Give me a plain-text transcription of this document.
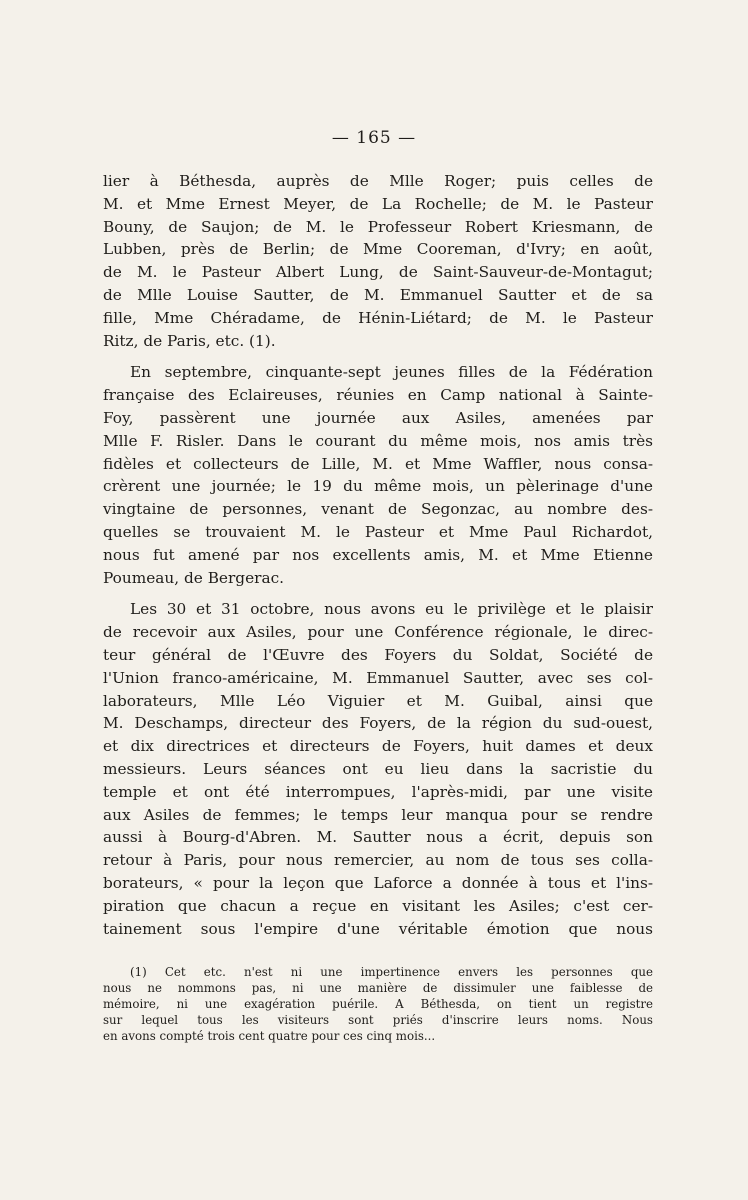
— 165 —

lier à Béthesda, auprès de Mlle Roger; puis celles de

M. et Mme Ernest Meyer, de La Rochelle; de M. le Pasteur

Bouny, de Saujon; de M. le Professeur Robert Kriesmann, de

Lubben, près de Berlin; de Mme Cooreman, d'Ivry; en août,

de M. le Pasteur Albert Lung, de Saint-Sauveur-de-Montagut;

de Mlle Louise Sautter, de M. Emmanuel Sautter et de sa

fille, Mme Chéradame, de Hénin-Liétard; de M. le Pasteur

Ritz, de Paris, etc. (1).

En septembre, cinquante-sept jeunes filles de la Fédération

française des Eclaireuses, réunies en Camp national à Sainte-

Foy, passèrent une journée aux Asiles, amenées par

Mlle F. Risler. Dans le courant du même mois, nos amis très

fidèles et collecteurs de Lille, M. et Mme Waffler, nous consa-

crèrent une journée; le 19 du même mois, un pèlerinage d'une

vingtaine de personnes, venant de Segonzac, au nombre des-

quelles se trouvaient M. le Pasteur et Mme Paul Richardot,

nous fut amené par nos excellents amis, M. et Mme Etienne

Poumeau, de Bergerac.

Les 30 et 31 octobre, nous avons eu le privilège et le plaisir

de recevoir aux Asiles, pour une Conférence régionale, le direc-

teur général de l'Œuvre des Foyers du Soldat, Société de

l'Union franco-américaine, M. Emmanuel Sautter, avec ses col-

laborateurs, Mlle Léo Viguier et M. Guibal, ainsi que

M. Deschamps, directeur des Foyers, de la région du sud-ouest,

et dix directrices et directeurs de Foyers, huit dames et deux

messieurs. Leurs séances ont eu lieu dans la sacristie du

temple et ont été interrompues, l'après-midi, par une visite

aux Asiles de femmes; le temps leur manqua pour se rendre

aussi à Bourg-d'Abren. M. Sautter nous a écrit, depuis son

retour à Paris, pour nous remercier, au nom de tous ses colla-

borateurs, « pour la leçon que Laforce a donnée à tous et l'ins-

piration que chacun a reçue en visitant les Asiles; c'est cer-

tainement sous l'empire d'une véritable émotion que nous

(1) Cet etc. n'est ni une impertinence envers les personnes que

nous ne nommons pas, ni une manière de dissimuler une faiblesse de

mémoire, ni une exagération puérile. A Béthesda, on tient un registre

sur lequel tous les visiteurs sont priés d'inscrire leurs noms. Nous

en avons compté trois cent quatre pour ces cinq mois...
